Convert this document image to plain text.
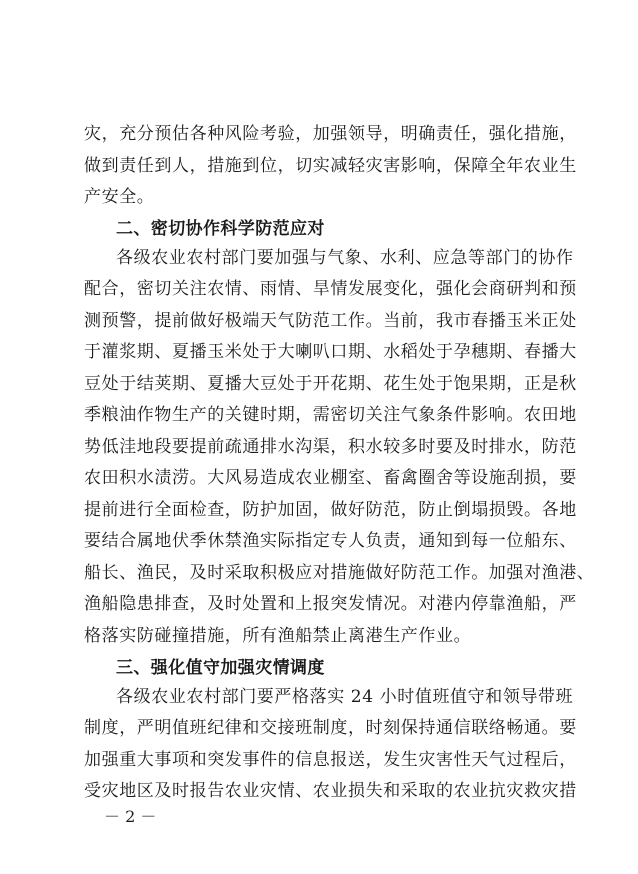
灾，充分预估各种风险考验，加强领导，明确责任，强化措施，
做到责任到人，措施到位，切实减轻灾害影响，保障全年农业生
产安全。
二、密切协作科学防范应对
各级农业农村部门要加强与气象、水利、应急等部门的协作
配合，密切关注农情、雨情、旱情发展变化，强化会商研判和预
测预警，提前做好极端天气防范工作。当前，我市春播玉米正处
于灌浆期、夏播玉米处于大喇叭口期、水稻处于孕穗期、春播大
豆处于结荚期、夏播大豆处于开花期、花生处于饱果期，正是秋
季粮油作物生产的关键时期，需密切关注气象条件影响。农田地
势低洼地段要提前疏通排水沟渠，积水较多时要及时排水，防范
农田积水渍涝。大风易造成农业棚室、畜禽圈舍等设施刮损，要
提前进行全面检查，防护加固，做好防范，防止倒塌损毁。各地
要结合属地伏季休禁渔实际指定专人负责，通知到每一位船东、
船长、渔民，及时采取积极应对措施做好防范工作。加强对渔港、
渔船隐患排查，及时处置和上报突发情况。对港内停靠渔船，严
格落实防碰撞措施，所有渔船禁止离港生产作业。
三、强化值守加强灾情调度
各级农业农村部门要严格落实 24 小时值班值守和领导带班
制度，严明值班纪律和交接班制度，时刻保持通信联络畅通。要
加强重大事项和突发事件的信息报送，发生灾害性天气过程后，
受灾地区及时报告农业灾情、农业损失和采取的农业抗灾救灾措
－ 2 －
